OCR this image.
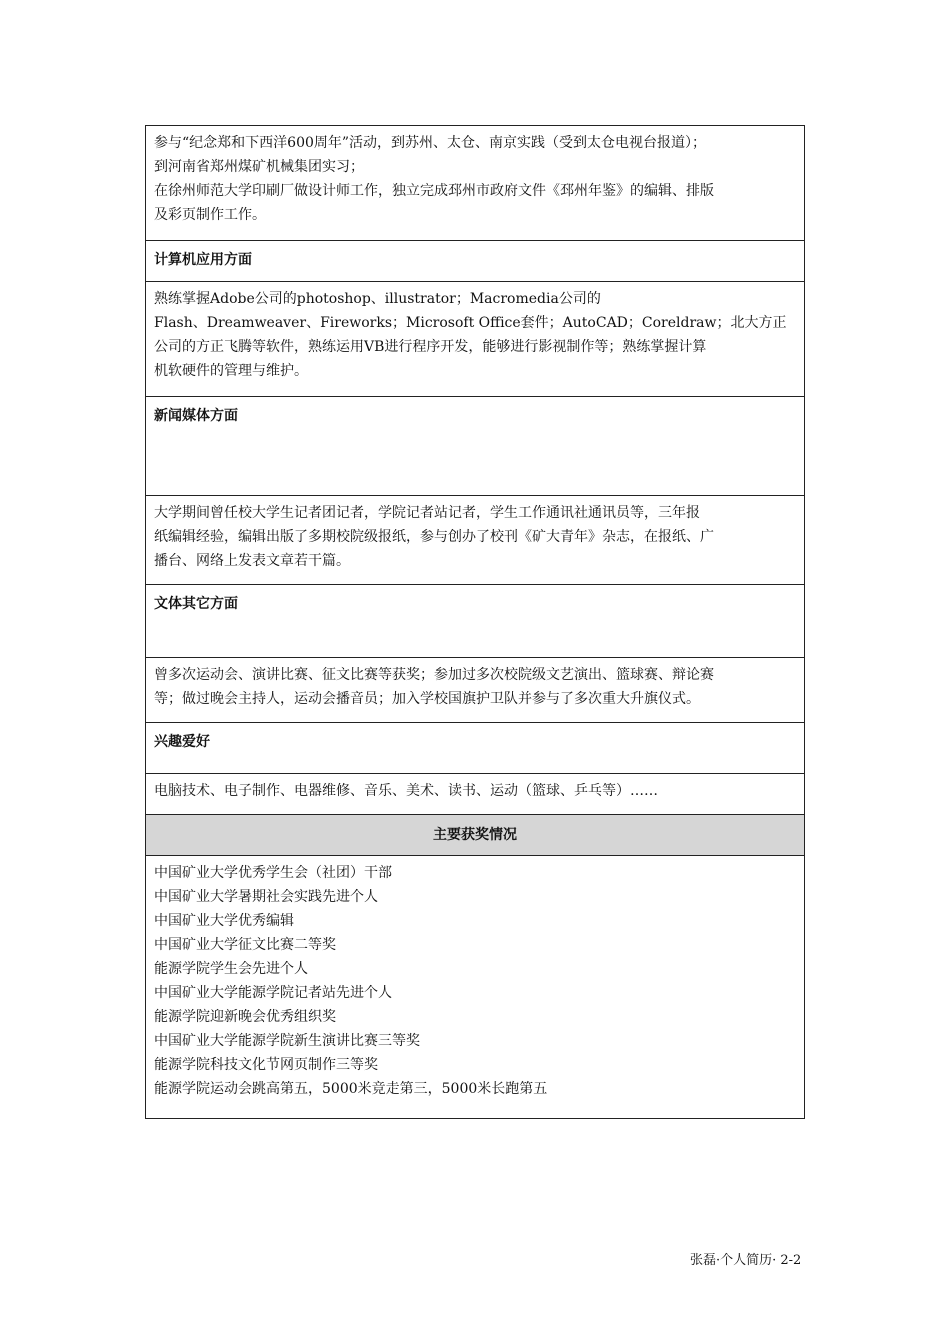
参与“纪念郑和下西洋600周年”活动，到苏州、太仓、南京实践（受到太仓电视台报道）；
到河南省郑州煤矿机械集团实习；
在徐州师范大学印刷厂做设计师工作，独立完成邳州市政府文件《邳州年鉴》的编辑、排版
及彩页制作工作。

计算机应用方面

熟练掌握Adobe公司的photoshop、illustrator；Macromedia公司的
Flash、Dreamweaver、Fireworks；Microsoft Office套件；AutoCAD；Coreldraw；北大方正
公司的方正飞腾等软件，熟练运用VB进行程序开发，能够进行影视制作等；熟练掌握计算
机软硬件的管理与维护。

新闻媒体方面

大学期间曾任校大学生记者团记者，学院记者站记者，学生工作通讯社通讯员等，三年报
纸编辑经验，编辑出版了多期校院级报纸，参与创办了校刊《矿大青年》杂志，在报纸、广
播台、网络上发表文章若干篇。

文体其它方面

曾多次运动会、演讲比赛、征文比赛等获奖；参加过多次校院级文艺演出、篮球赛、辩论赛
等；做过晚会主持人，运动会播音员；加入学校国旗护卫队并参与了多次重大升旗仪式。

兴趣爱好

电脑技术、电子制作、电器维修、音乐、美术、读书、运动（篮球、乒乓等）……

主要获奖情况

中国矿业大学优秀学生会（社团）干部
中国矿业大学暑期社会实践先进个人
中国矿业大学优秀编辑
中国矿业大学征文比赛二等奖
能源学院学生会先进个人
中国矿业大学能源学院记者站先进个人
能源学院迎新晚会优秀组织奖
中国矿业大学能源学院新生演讲比赛三等奖
能源学院科技文化节网页制作三等奖
能源学院运动会跳高第五，5000米竞走第三，5000米长跑第五
张磊·个人简历· 2-2
